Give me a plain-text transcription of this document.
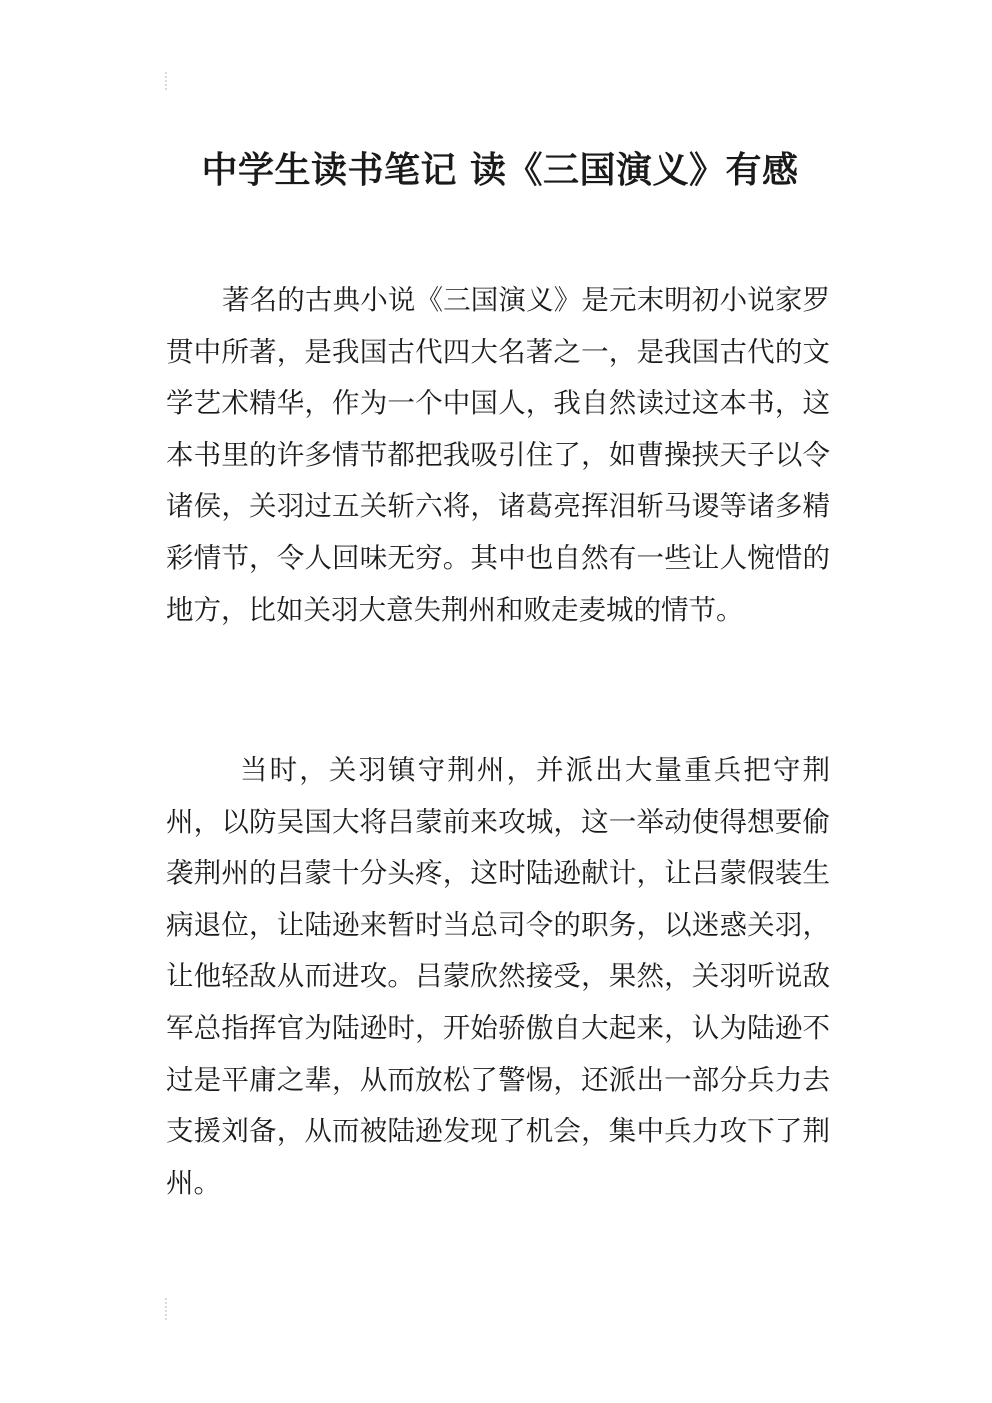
中学生读书笔记 读《三国演义》有感

著名的古典小说《三国演义》是元末明初小说家罗贯中所著，是我国古代四大名著之一，是我国古代的文学艺术精华，作为一个中国人，我自然读过这本书，这本书里的许多情节都把我吸引住了，如曹操挟天子以令诸侯，关羽过五关斩六将，诸葛亮挥泪斩马谡等诸多精彩情节，令人回味无穷。其中也自然有一些让人惋惜的地方，比如关羽大意失荆州和败走麦城的情节。

当时，关羽镇守荆州，并派出大量重兵把守荆州，以防吴国大将吕蒙前来攻城，这一举动使得想要偷袭荆州的吕蒙十分头疼，这时陆逊献计，让吕蒙假装生病退位，让陆逊来暂时当总司令的职务，以迷惑关羽，让他轻敌从而进攻。吕蒙欣然接受，果然，关羽听说敌军总指挥官为陆逊时，开始骄傲自大起来，认为陆逊不过是平庸之辈，从而放松了警惕，还派出一部分兵力去支援刘备，从而被陆逊发现了机会，集中兵力攻下了荆州。
